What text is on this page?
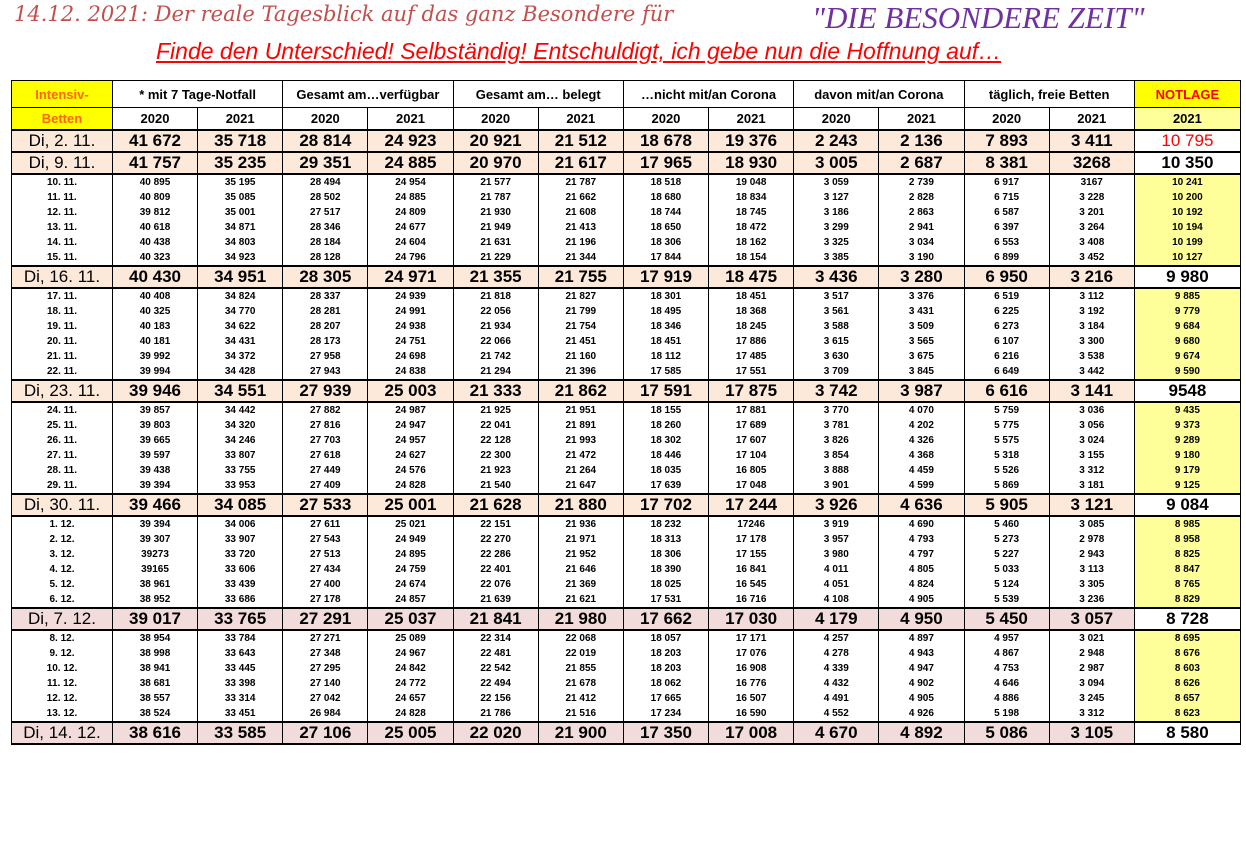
14.12. 2021: Der reale Tagesblick auf das ganz Besondere für	"DIE BESONDERE ZEIT"
Finde den Unterschied! Selbständig! Entschuldigt, ich gebe nun die Hoffnung auf…
Intensiv-	* mit 7 Tage-Notfall		Gesamt am…verfügbar		Gesamt am… belegt		…nicht mit/an Corona		davon mit/an Corona		täglich, freie Betten		NOTLAGE
Betten	2020	2021	2020	2021	2020	2021	2020	2021	2020	2021	2020	2021	2021
Di, 2. 11.	41 672	35 718	28 814	24 923	20 921	21 512	18 678	19 376	2 243	2 136	7 893	3 411	10 795
Di, 9. 11.	41 757	35 235	29 351	24 885	20 970	21 617	17 965	18 930	3 005	2 687	8 381	3268	10 350
10. 11.	40 895	35 195	28 494	24 954	21 577	21 787	18 518	19 048	3 059	2 739	6 917	3167	10 241
11. 11.	40 809	35 085	28 502	24 885	21 787	21 662	18 680	18 834	3 127	2 828	6 715	3 228	10 200
12. 11.	39 812	35 001	27 517	24 809	21 930	21 608	18 744	18 745	3 186	2 863	6 587	3 201	10 192
13. 11.	40 618	34 871	28 346	24 677	21 949	21 413	18 650	18 472	3 299	2 941	6 397	3 264	10 194
14. 11.	40 438	34 803	28 184	24 604	21 631	21 196	18 306	18 162	3 325	3 034	6 553	3 408	10 199
15. 11.	40 323	34 923	28 128	24 796	21 229	21 344	17 844	18 154	3 385	3 190	6 899	3 452	10 127
Di, 16. 11.	40 430	34 951	28 305	24 971	21 355	21 755	17 919	18 475	3 436	3 280	6 950	3 216	9 980
17. 11.	40 408	34 824	28 337	24 939	21 818	21 827	18 301	18 451	3 517	3 376	6 519	3 112	9 885
18. 11.	40 325	34 770	28 281	24 991	22 056	21 799	18 495	18 368	3 561	3 431	6 225	3 192	9 779
19. 11.	40 183	34 622	28 207	24 938	21 934	21 754	18 346	18 245	3 588	3 509	6 273	3 184	9 684
20. 11.	40 181	34 431	28 173	24 751	22 066	21 451	18 451	17 886	3 615	3 565	6 107	3 300	9 680
21. 11.	39 992	34 372	27 958	24 698	21 742	21 160	18 112	17 485	3 630	3 675	6 216	3 538	9 674
22. 11.	39 994	34 428	27 943	24 838	21 294	21 396	17 585	17 551	3 709	3 845	6 649	3 442	9 590
Di, 23. 11.	39 946	34 551	27 939	25 003	21 333	21 862	17 591	17 875	3 742	3 987	6 616	3 141	9548
24. 11.	39 857	34 442	27 882	24 987	21 925	21 951	18 155	17 881	3 770	4 070	5 759	3 036	9 435
25. 11.	39 803	34 320	27 816	24 947	22 041	21 891	18 260	17 689	3 781	4 202	5 775	3 056	9 373
26. 11.	39 665	34 246	27 703	24 957	22 128	21 993	18 302	17 607	3 826	4 326	5 575	3 024	9 289
27. 11.	39 597	33 807	27 618	24 627	22 300	21 472	18 446	17 104	3 854	4 368	5 318	3 155	9 180
28. 11.	39 438	33 755	27 449	24 576	21 923	21 264	18 035	16 805	3 888	4 459	5 526	3 312	9 179
29. 11.	39 394	33 953	27 409	24 828	21 540	21 647	17 639	17 048	3 901	4 599	5 869	3 181	9 125
Di, 30. 11.	39 466	34 085	27 533	25 001	21 628	21 880	17 702	17 244	3 926	4 636	5 905	3 121	9 084
1. 12.	39 394	34 006	27 611	25 021	22 151	21 936	18 232	17246	3 919	4 690	5 460	3 085	8 985
2. 12.	39 307	33 907	27 543	24 949	22 270	21 971	18 313	17 178	3 957	4 793	5 273	2 978	8 958
3. 12.	39273	33 720	27 513	24 895	22 286	21 952	18 306	17 155	3 980	4 797	5 227	2 943	8 825
4. 12.	39165	33 606	27 434	24 759	22 401	21 646	18 390	16 841	4 011	4 805	5 033	3 113	8 847
5. 12.	38 961	33 439	27 400	24 674	22 076	21 369	18 025	16 545	4 051	4 824	5 124	3 305	8 765
6. 12.	38 952	33 686	27 178	24 857	21 639	21 621	17 531	16 716	4 108	4 905	5 539	3 236	8 829
Di, 7. 12.	39 017	33 765	27 291	25 037	21 841	21 980	17 662	17 030	4 179	4 950	5 450	3 057	8 728
8. 12.	38 954	33 784	27 271	25 089	22 314	22 068	18 057	17 171	4 257	4 897	4 957	3 021	8 695
9. 12.	38 998	33 643	27 348	24 967	22 481	22 019	18 203	17 076	4 278	4 943	4 867	2 948	8 676
10. 12.	38 941	33 445	27 295	24 842	22 542	21 855	18 203	16 908	4 339	4 947	4 753	2 987	8 603
11. 12.	38 681	33 398	27 140	24 772	22 494	21 678	18 062	16 776	4 432	4 902	4 646	3 094	8 626
12. 12.	38 557	33 314	27 042	24 657	22 156	21 412	17 665	16 507	4 491	4 905	4 886	3 245	8 657
13. 12.	38 524	33 451	26 984	24 828	21 786	21 516	17 234	16 590	4 552	4 926	5 198	3 312	8 623
Di, 14. 12.	38 616	33 585	27 106	25 005	22 020	21 900	17 350	17 008	4 670	4 892	5 086	3 105	8 580
